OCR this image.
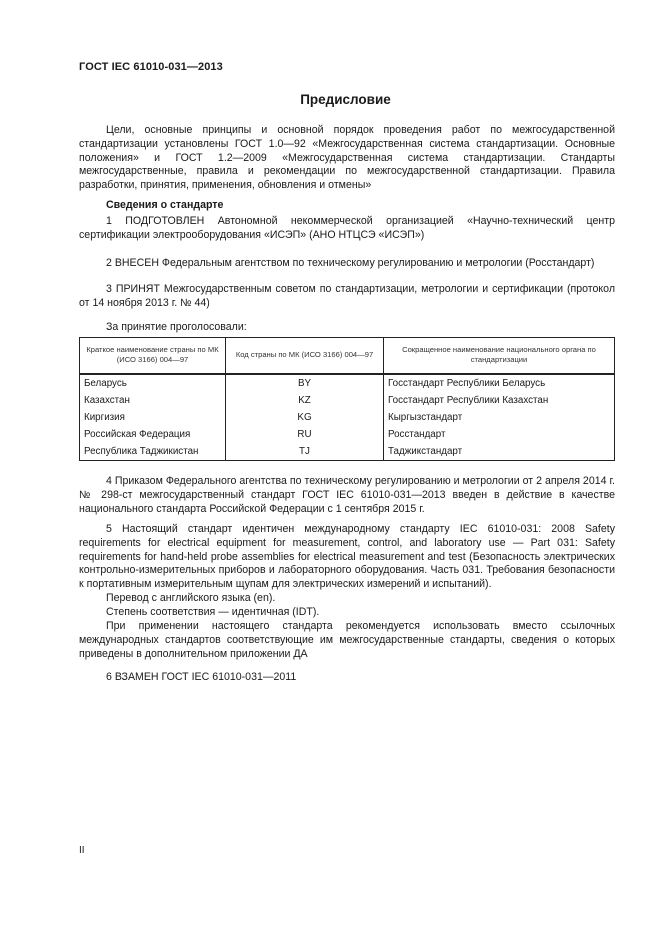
ГОСТ IEC 61010-031—2013
Предисловие

Цели, основные принципы и основной порядок проведения работ по межгосударственной стандартизации установлены ГОСТ 1.0—92 «Межгосударственная система стандартизации. Основные положения» и ГОСТ 1.2—2009 «Межгосударственная система стандартизации. Стандарты межгосударственные, правила и рекомендации по межгосударственной стандартизации. Правила разработки, принятия, применения, обновления и отмены»

Сведения о стандарте

1 ПОДГОТОВЛЕН Автономной некоммерческой организацией «Научно-технический центр сертификации электрооборудования «ИСЭП» (АНО НТЦСЭ «ИСЭП»)

2 ВНЕСЕН Федеральным агентством по техническому регулированию и метрологии (Росстандарт)

3 ПРИНЯТ Межгосударственным советом по стандартизации, метрологии и сертификации (протокол от 14 ноября 2013 г. № 44)

За принятие проголосовали:
Краткое наименование страны по МК (ИСО 3166) 004—97	Код страны по МК (ИСО 3166) 004—97	Сокращенное наименование национального органа по стандартизации
Беларусь	BY	Госстандарт Республики Беларусь
Казахстан	KZ	Госстандарт Республики Казахстан
Киргизия	KG	Кыргызстандарт
Российская Федерация	RU	Росстандарт
Республика Таджикистан	TJ	Таджикстандарт

4 Приказом Федерального агентства по техническому регулированию и метрологии от 2 апреля 2014 г. № 298-ст межгосударственный стандарт ГОСТ IEC 61010-031—2013 введен в действие в качестве национального стандарта Российской Федерации с 1 сентября 2015 г.

5 Настоящий стандарт идентичен международному стандарту IEC 61010-031: 2008 Safety requirements for electrical equipment for measurement, control, and laboratory use — Part 031: Safety requirements for hand-held probe assemblies for electrical measurement and test (Безопасность электрических контрольно-измерительных приборов и лабораторного оборудования. Часть 031. Требования безопасности к портативным измерительным щупам для электрических измерений и испытаний).

Перевод с английского языка (en).

Степень соответствия — идентичная (IDT).

При применении настоящего стандарта рекомендуется использовать вместо ссылочных международных стандартов соответствующие им межгосударственные стандарты, сведения о которых приведены в дополнительном приложении ДА

6 ВЗАМЕН ГОСТ IEC 61010-031—2011
II
